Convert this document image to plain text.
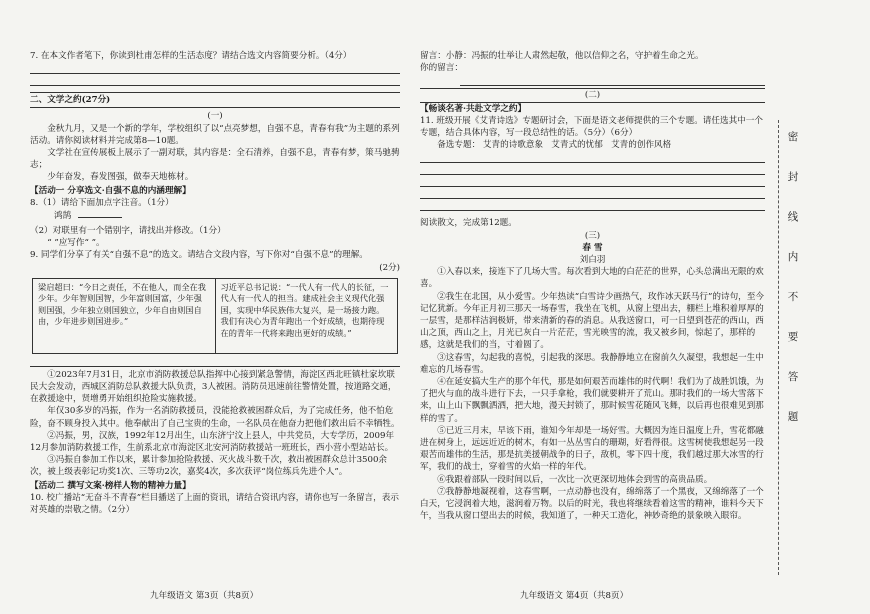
7. 在本文作者笔下，你读到杜甫怎样的生活态度？请结合选文内容简要分析。（4分）

二、文学之约(27分)

(一)

金秋九月，又是一个新的学年，学校组织了以“点亮梦想，自强不息，青春有我”为主题的系列活动。请你阅读材料并完成第8—10题。

文学社在宣传展板上展示了一副对联，其内容是：全石清养，自强不息，青春有梦，策马驰骋志；

少年奋发，春发图强，做奉天地栋材。

【活动一 分享选文·自强不息的内涵理解】

8.（1）请给下面加点字注音。（1分）

鸿鹄

（2）对联里有一个错别字，请找出并修改。（1分）

“ ”应写作“ ”。

9. 同学们分享了有关“自强不息”的选文。请结合文段内容，写下你对“自强不息”的理解。

(2分)

梁启超曰：“今日之责任，不在他人，而全在我少年。少年智则国智，少年富则国富，少年强则国强，少年独立则国独立，少年自由则国自由，少年进步则国进步。”
习近平总书记说：“一代人有一代人的长征，一代人有一代人的担当。建成社会主义现代化强国，实现中华民族伟大复兴，是一场接力跑。我们有决心为青年跑出一个好成绩，也期待现在的青年一代将来跑出更好的成绩。”

①2023年7月31日，北京市消防救援总队指挥中心接到紧急警情，海淀区西北旺镇杜家坎联民大会发动，西城区消防总队救援大队负责，3人被困。消防员迅速前往警情处置，按道路交通，在救援途中，贤增勇开始组织抢险实施救援。

年仅30多岁的冯振，作为一名消防救援员，没能抢救被困群众后，为了完成任务，他不怕危险，奋不顾身投入其中。他奉献出了自己宝贵的生命，一名队员在他奋力把他们救出后不幸牺牲。

②冯振，男，汉族，1992年12月出生，山东济宁汶上县人，中共党员，大专学历，2009年12月参加消防救援工作，生前系北京市海淀区北安河消防救援站一班班长，西小营小型站站长。

③冯振自参加工作以来，累计参加抢险救援、灭火战斗数千次，救出被困群众总计3500余次，被上级表彰记功奖1次、三等功2次，嘉奖4次，多次获评“岗位练兵先进个人”。

【活动二 撰写文案·榜样人物的精神力量】

10. 校广播站“无奋斗不青春”栏目播送了上面的资讯，请结合资讯内容，请你也写一条留言，表示对英雄的崇敬之情。（2分）

留言：小静：冯振的壮举让人肃然起敬，他以信仰之名，守护着生命之光。

你的留言：

(二)

【畅谈名著·共赴文学之约】

11. 班级开展《艾青诗选》专题研讨会，下面是语文老师提供的三个专题。请任选其中一个专题，结合具体内容，写一段总结性的话。（5分）（6分）

备选专题： 艾青的诗歌意象 艾青式的忧郁 艾青的创作风格

阅读散文，完成第12题。

(三)

春 雪

刘白羽

①入春以来，接连下了几场大雪。每次看到大地的白茫茫的世界，心头总满出无限的欢喜。

②我生在北国，从小爱雪。少年热读“白雪诗少画热气，玫作冰天跃马行”的诗句，至今记忆犹新。今年正月初三那天一场春雪，我坐在飞机，从窗上望出去，棚栏上堆积着厚厚的一层雪，是那样洁润极妍，带来清新的春的消息。从我送窗口，可一日望到苍茫的西山，西山之顶，西山之上，月光已灰白一片茫茫，雪光映雪的流，我又被乡间，惊起了，那样的感，这就是我们的当，寸着圆了。

③这春雪，勾起我的喜悦，引起我的深思。我静静地立在窗前久久凝望，我想起一生中难忘的几场春雪。

④在延安搞大生产的那个年代，那是如何艰苦而雄伟的时代啊！我们为了战胜饥饿，为了把火与血的战斗进行下去，一只手拿枪，我们就要耕开了荒山。那时我们的一场大雪落下来，山上山下飘飘洒洒，把大地，漫天封锁了，那时候雪花随风飞舞，以后再也很难见到那样的雪了。

⑤已近三月末，早该下雨，谁知今年却是一场好雪。大概因为连日温度上升，雪花都融进在树身上，远远近近的树木，有如一丛丛雪白的珊瑚，好看得很。这雪树使我想起另一段艰苦而雄伟的生活，那是抗美援朝战争的日子，敌机，零下四十度，我们越过那大冰雪的行军，我们的战士，穿着雪的火焰一样的年代。

⑥我跟着部队一段时间以后，一次比一次更深切地体会到雪的高贵品质。

⑦我静静地凝视着，这春雪啊，一点动静也没有，绵绵落了一个黑夜，又绵绵落了一个白天，它浸润着大地，滋润着万物。以后的时光，我也将继续看着这雪的精神，谁料今天下午，当我从窗口望出去的时候，我知道了，一种天工造化，神妙奇绝的景象映入眼帘。

密
封
线
内
不
要
答
题
九年级语文 第3页（共8页）	九年级语文 第4页（共8页）
